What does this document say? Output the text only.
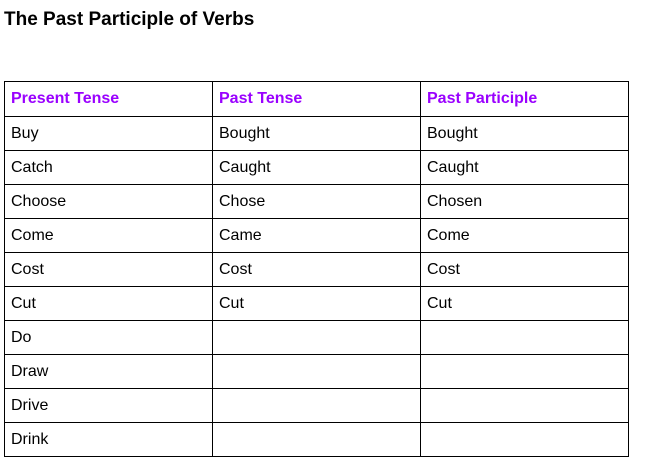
The Past Participle of Verbs
Present Tense	Past Tense	Past Participle
Buy	Bought	Bought
Catch	Caught	Caught
Choose	Chose	Chosen
Come	Came	Come
Cost	Cost	Cost
Cut	Cut	Cut
Do		
Draw		
Drive		
Drink		
